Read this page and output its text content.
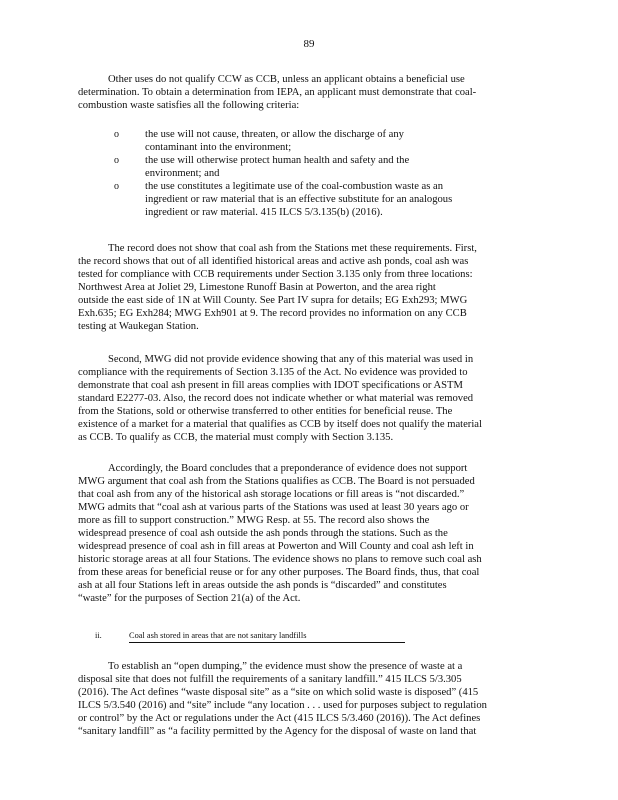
89

Other uses do not qualify CCW as CCB, unless an applicant obtains a beneficial use
determination. To obtain a determination from IEPA, an applicant must demonstrate that coal-
combustion waste satisfies all the following criteria:

o the use will not cause, threaten, or allow the discharge of any
contaminant into the environment;
o the use will otherwise protect human health and safety and the
environment; and
o the use constitutes a legitimate use of the coal-combustion waste as an
ingredient or raw material that is an effective substitute for an analogous
ingredient or raw material. 415 ILCS 5/3.135(b) (2016).

The record does not show that coal ash from the Stations met these requirements. First,
the record shows that out of all identified historical areas and active ash ponds, coal ash was
tested for compliance with CCB requirements under Section 3.135 only from three locations:
Northwest Area at Joliet 29, Limestone Runoff Basin at Powerton, and the area right
outside the east side of 1N at Will County. See Part IV supra for details; EG Exh293; MWG
Exh.635; EG Exh284; MWG Exh901 at 9. The record provides no information on any CCB
testing at Waukegan Station.

Second, MWG did not provide evidence showing that any of this material was used in
compliance with the requirements of Section 3.135 of the Act. No evidence was provided to
demonstrate that coal ash present in fill areas complies with IDOT specifications or ASTM
standard E2277-03. Also, the record does not indicate whether or what material was removed
from the Stations, sold or otherwise transferred to other entities for beneficial reuse. The
existence of a market for a material that qualifies as CCB by itself does not qualify the material
as CCB. To qualify as CCB, the material must comply with Section 3.135.

Accordingly, the Board concludes that a preponderance of evidence does not support
MWG argument that coal ash from the Stations qualifies as CCB. The Board is not persuaded
that coal ash from any of the historical ash storage locations or fill areas is “not discarded.”
MWG admits that “coal ash at various parts of the Stations was used at least 30 years ago or
more as fill to support construction.” MWG Resp. at 55. The record also shows the
widespread presence of coal ash outside the ash ponds through the stations. Such as the
widespread presence of coal ash in fill areas at Powerton and Will County and coal ash left in
historic storage areas at all four Stations. The evidence shows no plans to remove such coal ash
from these areas for beneficial reuse or for any other purposes. The Board finds, thus, that coal
ash at all four Stations left in areas outside the ash ponds is “discarded” and constitutes
“waste” for the purposes of Section 21(a) of the Act.

ii.	Coal ash stored in areas that are not sanitary landfills

To establish an “open dumping,” the evidence must show the presence of waste at a
disposal site that does not fulfill the requirements of a sanitary landfill.” 415 ILCS 5/3.305
(2016). The Act defines “waste disposal site” as a “site on which solid waste is disposed” (415
ILCS 5/3.540 (2016) and “site” include “any location . . . used for purposes subject to regulation
or control” by the Act or regulations under the Act (415 ILCS 5/3.460 (2016)). The Act defines
“sanitary landfill” as “a facility permitted by the Agency for the disposal of waste on land that
